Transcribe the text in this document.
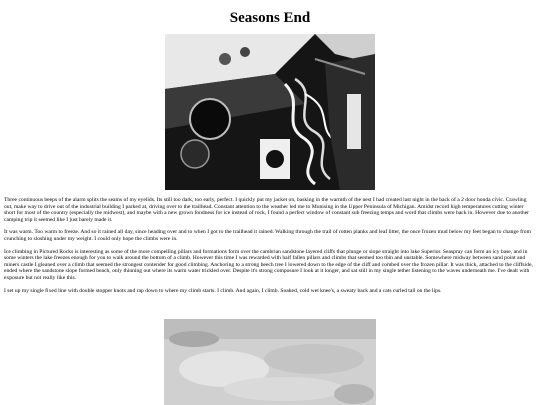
Seasons End

Three continuous beeps of the alarm splits the seams of my eyelids. Its still too dark, too early, perfect. I quickly put my jacket on, basking in the warmth of the nest I had created last night in the back of a 2 door honda civic. Crawling out, make way to drive out of the industrial building I parked at, driving over to the trailhead. Constant attention to the weather led me to Munising in the Upper Peninsula of Michigan. Amidst record high temperatures cutting winter short for most of the country (especially the midwest), and maybe with a new grown fondness for ice instead of rock, I found a perfect window of constant sub freezing temps and word that climbs were back in. However due to another camping trip it seemed like I just barely made it.

It was warm. Too warm to freeze. And so it rained all day, since heading over and to when I got to the trailhead it rained. Walking through the trail of rotten planks and leaf litter, the once frozen mud below my feet began to change from crunching to sloshing under my weight. I could only hope the climbs were in.

Ice climbing in Pictured Rocks is interesting as some of the more compelling pillars and formations form over the cambrian sandstone layered cliffs that plunge or slope straight into lake Superior. Seaspray can form an icy base, and in some winters the lake freezes enough for you to walk around the bottom of a climb. However this time I was rewarded with half fallen pillars and climbs that seemed too thin and unstable. Somewhere midway between sand point and miners castle I gleaned over a climb that seemed the strongest contender for good climbing. Anchoring to a strong beech tree I lowered down to the edge of the cliff and combed over the frozen pillar. It was thick, attached to the cliffside, ended where the sandstone slope formed beach, only thinning out where its warm water trickled over. Despite it's strong composure I look at it longer, and sat still in my single tether listening to the waves underneath me. I've dealt with exposure but not really like this.

I set up my single fixed line with double stopper knots and rap down to where my climb starts. I climb. And again, I climb. Soaked, cold wet knee's, a sweaty back and a cats curled tail on the lips.
